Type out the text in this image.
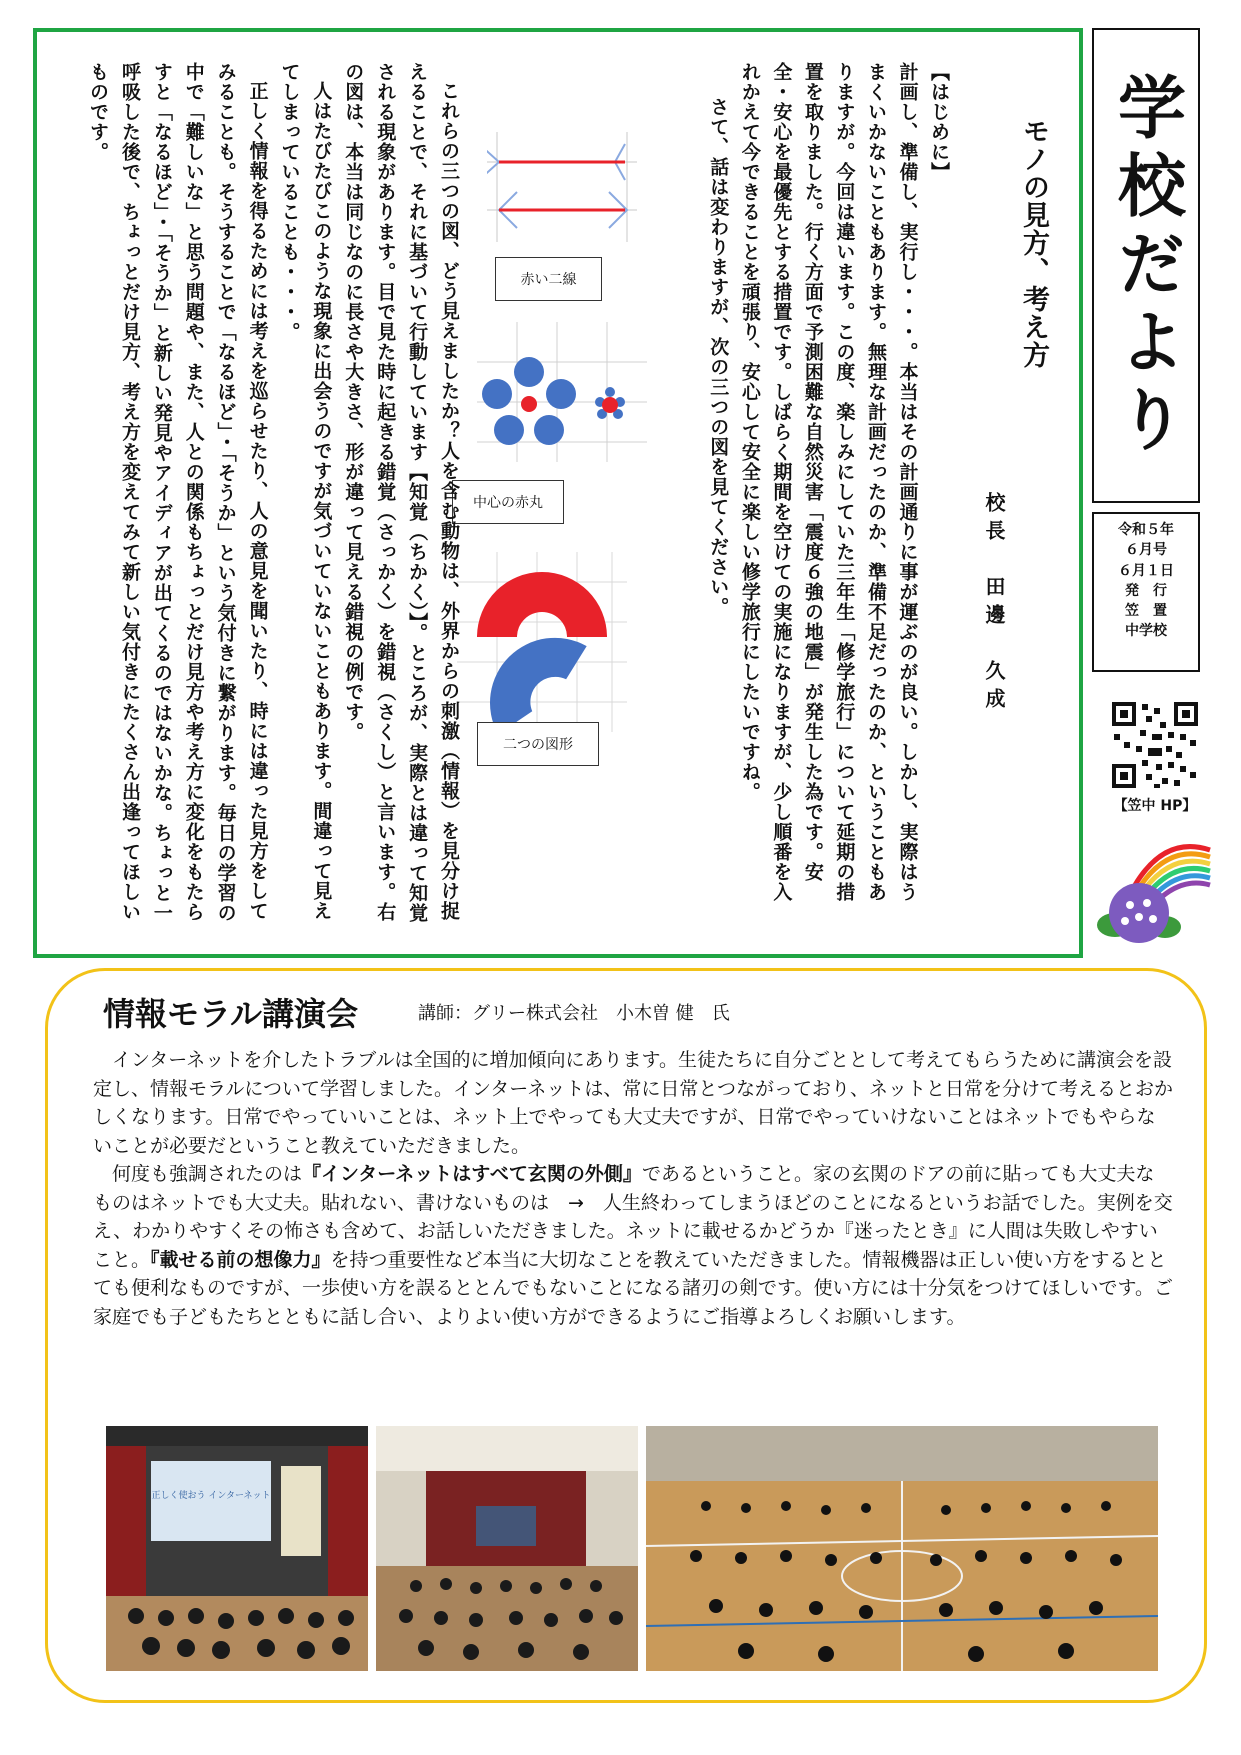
モノの見方、考え方
校長　田邊　久成

【はじめに】

計画し、準備し、実行し・・・。本当はその計画通りに事が運ぶのが良い。しかし、実際はうまくいかないこともあります。無理な計画だったのか、準備不足だったのか、ということもありますが。今回は違います。この度、楽しみにしていた三年生「修学旅行」について延期の措置を取りました。行く方面で予測困難な自然災害「震度６強の地震」が発生した為です。安全・安心を最優先とする措置です。しばらく期間を空けての実施になりますが、少し順番を入れかえて今できることを頑張り、安心して安全に楽しい修学旅行にしたいですね。

さて、話は変わりますが、次の三つの図を見てください。

赤い二線
中心の赤丸
二つの図形

これらの三つの図、どう見えましたか？人を含む動物は、外界からの刺激（情報）を見分け捉えることで、それに基づいて行動しています【知覚（ちかく）】。ところが、実際とは違って知覚される現象があります。目で見た時に起きる錯覚（さっかく）を錯視（さくし）と言います。右の図は、本当は同じなのに長さや大きさ、形が違って見える錯視の例です。

人はたびたびこのような現象に出会うのですが気づいていないこともあります。間違って見えてしまっていることも・・・。

正しく情報を得るためには考えを巡らせたり、人の意見を聞いたり、時には違った見方をしてみることも。そうすることで「なるほど」・「そうか」という気付きに繋がります。毎日の学習の中で「難しいな」と思う問題や、また、人との関係もちょっとだけ見方や考え方に変化をもたらすと「なるほど」・「そうか」と新しい発見やアイディアが出てくるのではないかな。ちょっと一呼吸した後で、ちょっとだけ見方、考え方を変えてみて新しい気付きにたくさん出逢ってほしいものです。	学校だより
令和５年
６月号
６月１日
発　行
笠　置
中学校
【笠中 HP】
情報モラル講演会	講師：グリー株式会社　小木曽 健　氏

インターネットを介したトラブルは全国的に増加傾向にあります。生徒たちに自分ごととして考えてもらうために講演会を設定し、情報モラルについて学習しました。インターネットは、常に日常とつながっており、ネットと日常を分けて考えるとおかしくなります。日常でやっていいことは、ネット上でやっても大丈夫ですが、日常でやっていけないことはネットでもやらないことが必要だということ教えていただきました。

何度も強調されたのは『インターネットはすべて玄関の外側』であるということ。家の玄関のドアの前に貼っても大丈夫なものはネットでも大丈夫。貼れない、書けないものは　→　人生終わってしまうほどのことになるというお話でした。実例を交え、わかりやすくその怖さも含めて、お話しいただきました。ネットに載せるかどうか『迷ったとき』に人間は失敗しやすいこと。『載せる前の想像力』を持つ重要性など本当に大切なことを教えていただきました。情報機器は正しい使い方をするととても便利なものですが、一歩使い方を誤るととんでもないことになる諸刃の剣です。使い方には十分気をつけてほしいです。ご家庭でも子どもたちとともに話し合い、よりよい使い方ができるようにご指導よろしくお願いします。

正しく使おう インターネット
